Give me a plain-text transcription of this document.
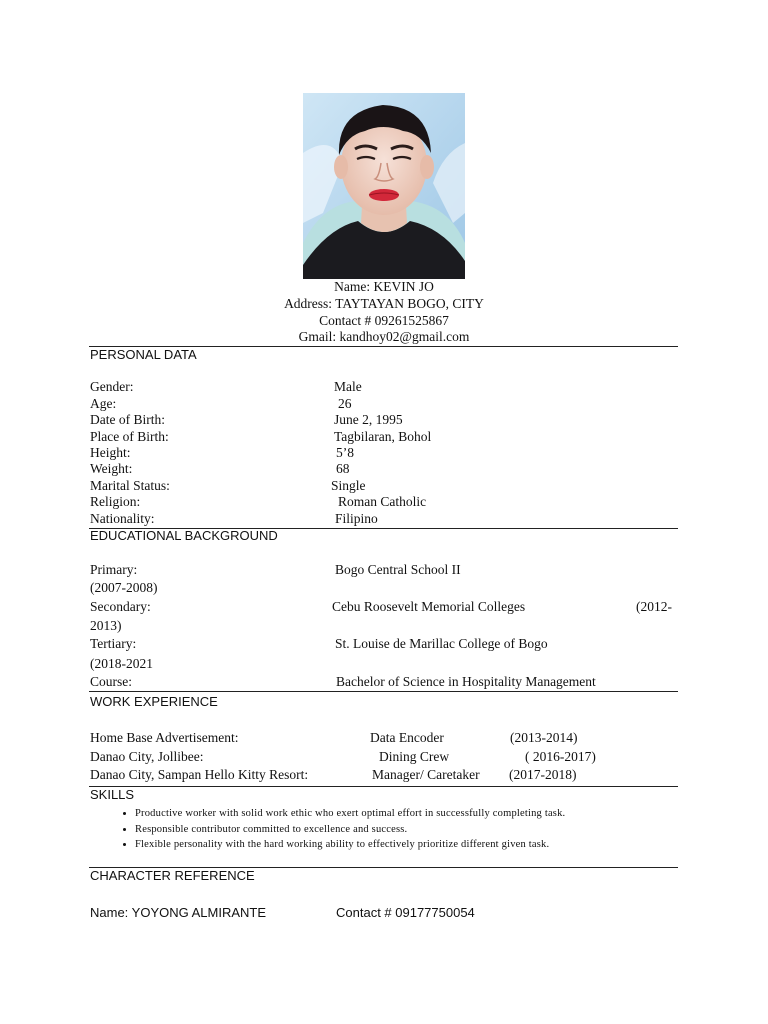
Name: KEVIN JO
Address: TAYTAYAN BOGO, CITY
Contact # 09261525867
Gmail: kandhoy02@gmail.com
PERSONAL DATA
Gender:	Male
Age:	26
Date of Birth:	June 2, 1995
Place of Birth:	Tagbilaran, Bohol
Height:	5’8
Weight:	68
Marital Status:	Single
Religion:	Roman Catholic
Nationality:	Filipino
EDUCATIONAL BACKGROUND
Primary:	Bogo Central School II
(2007-2008)
Secondary:	Cebu Roosevelt Memorial Colleges	(2012-
2013)
Tertiary:	St. Louise de Marillac College of Bogo
(2018-2021
Course:	Bachelor of Science in Hospitality Management
WORK EXPERIENCE
Home Base Advertisement:	Data Encoder	(2013-2014)
Danao City, Jollibee:	Dining Crew	( 2016-2017)
Danao City, Sampan Hello Kitty Resort:	Manager/ Caretaker (2017-2018)
SKILLS
• Productive worker with solid work ethic who exert optimal effort in successfully completing task.
• Responsible contributor committed to excellence and success.
• Flexible personality with the hard working ability to effectively prioritize different given task.
CHARACTER REFERENCE
Name: YOYONG ALMIRANTE	Contact # 09177750054
